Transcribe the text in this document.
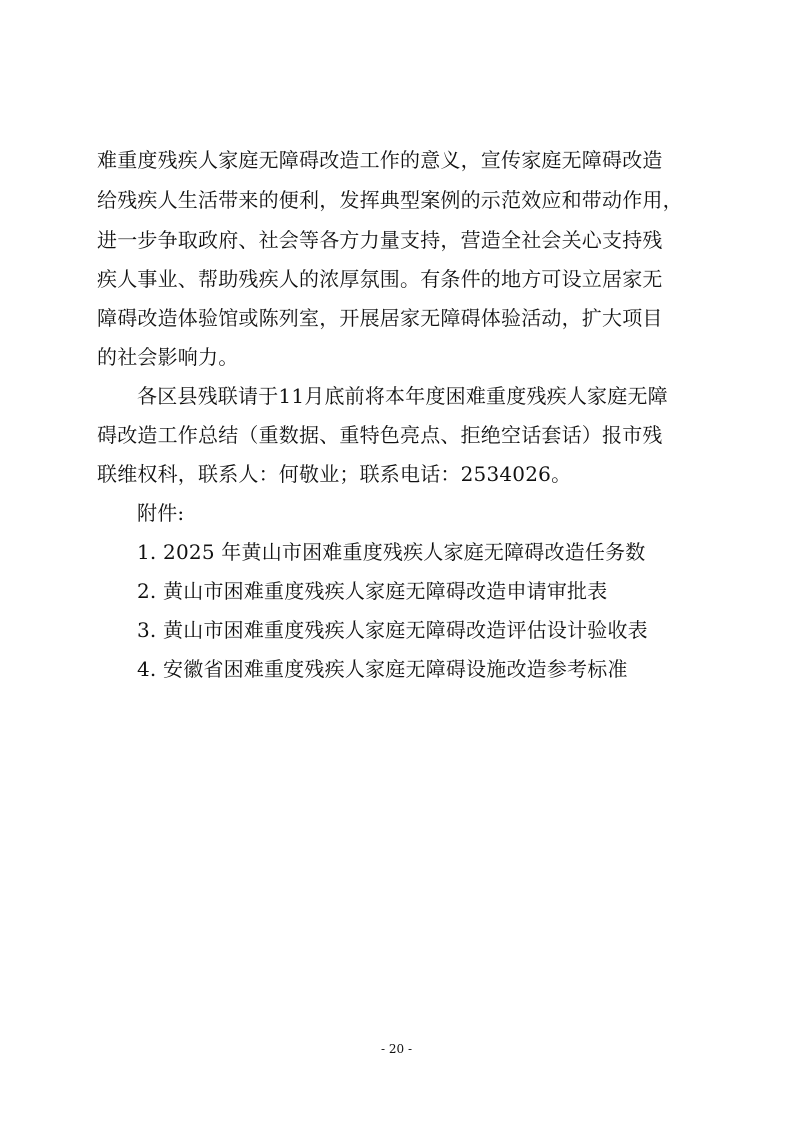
难重度残疾人家庭无障碍改造工作的意义，宣传家庭无障碍改造
给残疾人生活带来的便利，发挥典型案例的示范效应和带动作用，
进一步争取政府、社会等各方力量支持，营造全社会关心支持残
疾人事业、帮助残疾人的浓厚氛围。有条件的地方可设立居家无
障碍改造体验馆或陈列室，开展居家无障碍体验活动，扩大项目
的社会影响力。
各区县残联请于11月底前将本年度困难重度残疾人家庭无障
碍改造工作总结（重数据、重特色亮点、拒绝空话套话）报市残
联维权科，联系人：何敬业；联系电话：2534026。
附件:
1. 2025 年黄山市困难重度残疾人家庭无障碍改造任务数
2. 黄山市困难重度残疾人家庭无障碍改造申请审批表
3. 黄山市困难重度残疾人家庭无障碍改造评估设计验收表
4. 安徽省困难重度残疾人家庭无障碍设施改造参考标准
- 20 -
